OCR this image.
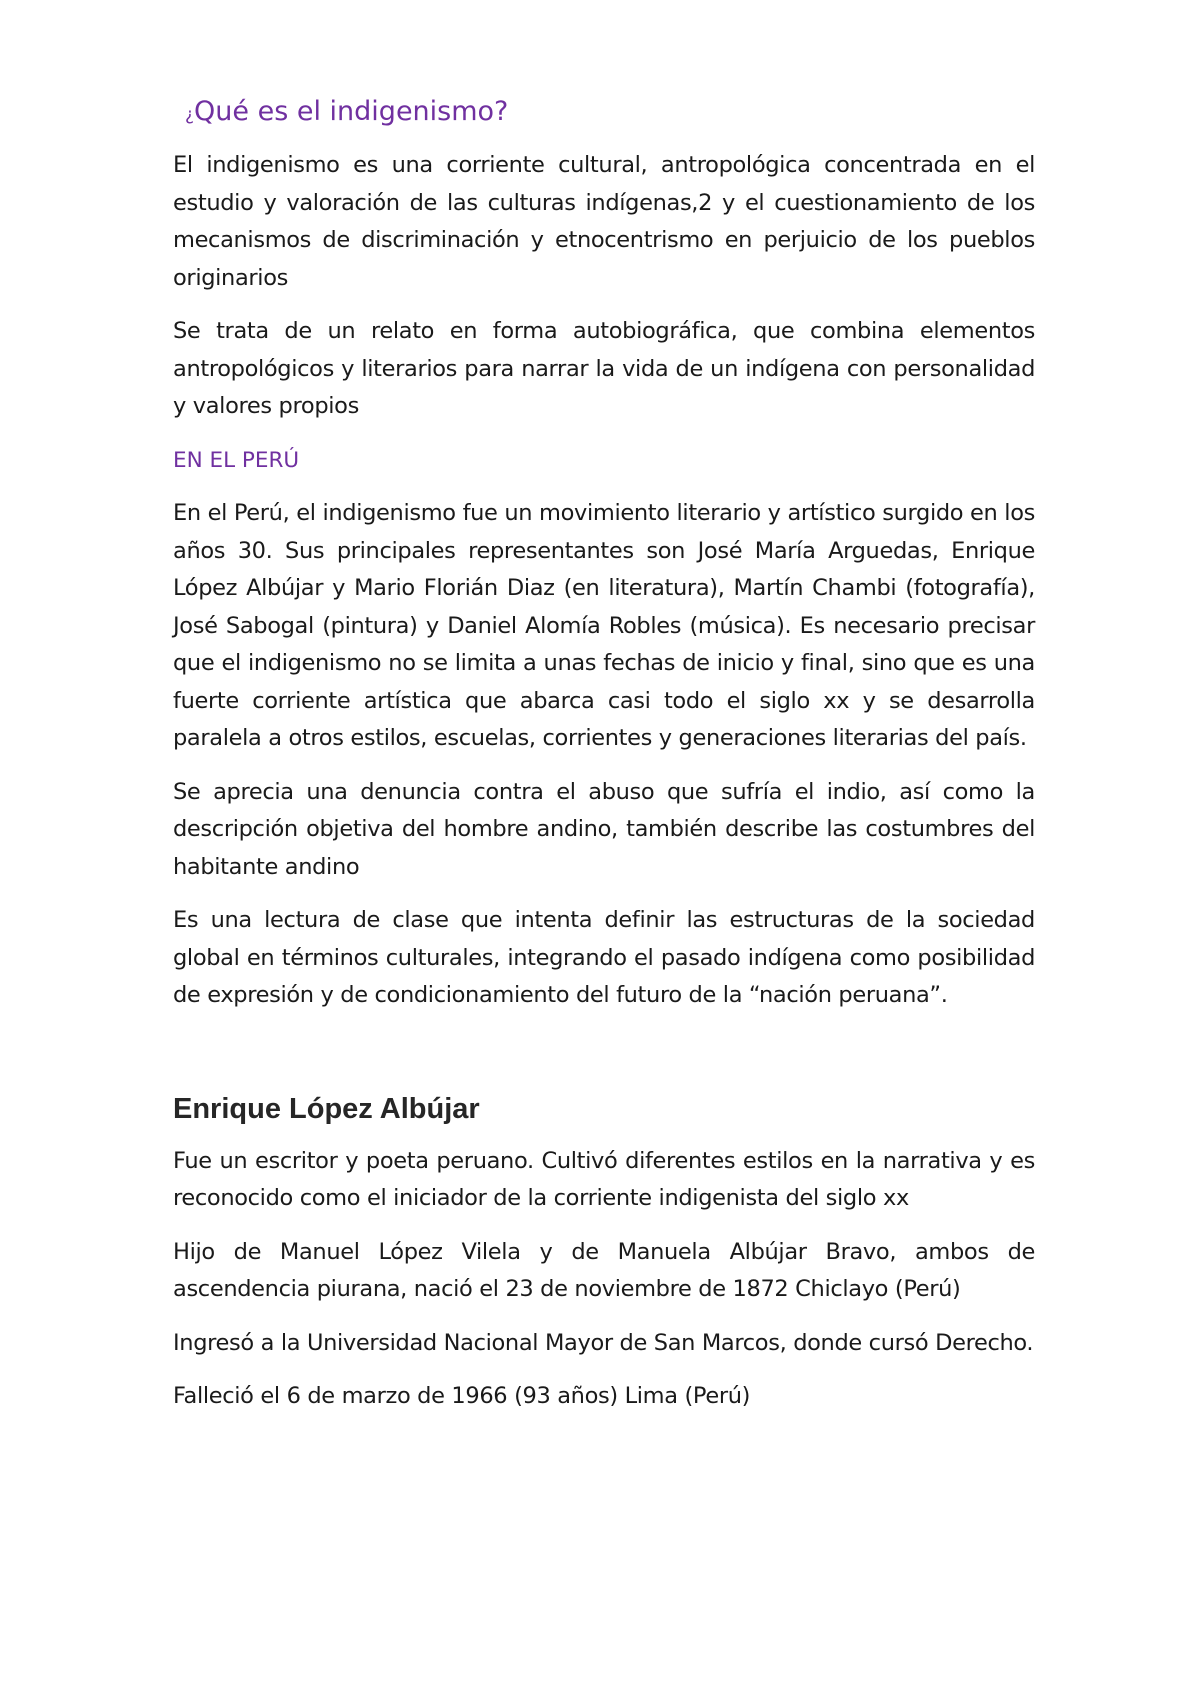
¿Qué es el indigenismo?

El indigenismo es una corriente cultural, antropológica concentrada en el estudio y valoración de las culturas indígenas,2 y el cuestionamiento de los mecanismos de discriminación y etnocentrismo en perjuicio de los pueblos originarios

Se trata de un relato en forma autobiográfica, que combina elementos antropológicos y literarios para narrar la vida de un indígena con personalidad y valores propios

EN EL PERÚ

En el Perú, el indigenismo fue un movimiento literario y artístico surgido en los años 30. Sus principales representantes son José María Arguedas, Enrique López Albújar y Mario Florián Diaz (en literatura), Martín Chambi (fotografía), José Sabogal (pintura) y Daniel Alomía Robles (música). Es necesario precisar que el indigenismo no se limita a unas fechas de inicio y final, sino que es una fuerte corriente artística que abarca casi todo el siglo xx y se desarrolla paralela a otros estilos, escuelas, corrientes y generaciones literarias del país.

Se aprecia una denuncia contra el abuso que sufría el indio, así como la descripción objetiva del hombre andino, también describe las costumbres del habitante andino

Es una lectura de clase que intenta definir las estructuras de la sociedad global en términos culturales, integrando el pasado indígena como posibilidad de expresión y de condicionamiento del futuro de la “nación peruana”.

Enrique López Albújar

Fue un escritor y poeta peruano. Cultivó diferentes estilos en la narrativa y es reconocido como el iniciador de la corriente indigenista del siglo xx

Hijo de Manuel López Vilela y de Manuela Albújar Bravo, ambos de ascendencia piurana, nació el 23 de noviembre de 1872 Chiclayo (Perú)

Ingresó a la Universidad Nacional Mayor de San Marcos, donde cursó Derecho.

Falleció el 6 de marzo de 1966 (93 años) Lima (Perú)
